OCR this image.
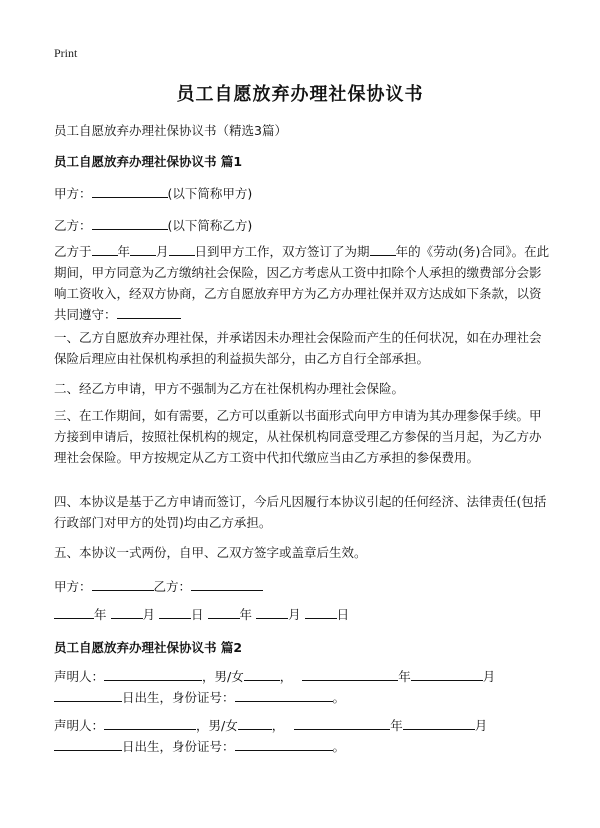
Print
员工自愿放弃办理社保协议书
员工自愿放弃办理社保协议书（精选3篇）
员工自愿放弃办理社保协议书 篇1
甲方：	(以下简称甲方)
乙方：	(以下简称乙方)
乙方于 年 月 日到甲方工作，双方签订了为期 年的《劳动(务)合同》。在此期间，甲方同意为乙方缴纳社会保险，因乙方考虑从工资中扣除个人承担的缴费部分会影响工资收入，经双方协商，乙方自愿放弃甲方为乙方办理社保并双方达成如下条款，以资共同遵守：
一、乙方自愿放弃办理社保，并承诺因未办理社会保险而产生的任何状况，如在办理社会保险后理应由社保机构承担的利益损失部分，由乙方自行全部承担。
二、经乙方申请，甲方不强制为乙方在社保机构办理社会保险。
三、在工作期间，如有需要，乙方可以重新以书面形式向甲方申请为其办理参保手续。甲方接到申请后，按照社保机构的规定，从社保机构同意受理乙方参保的当月起，为乙方办理社会保险。甲方按规定从乙方工资中代扣代缴应当由乙方承担的参保费用。
四、本协议是基于乙方申请而签订，今后凡因履行本协议引起的任何经济、法律责任(包括行政部门对甲方的处罚)均由乙方承担。
五、本协议一式两份，自甲、乙双方签字或盖章后生效。
甲方：	乙方：
年	月	日	年	月	日
员工自愿放弃办理社保协议书 篇2
声明人：	，男/女	，	年	月
日出生，身份证号：	。
声明人：	，男/女	，	年	月
日出生，身份证号：	。
